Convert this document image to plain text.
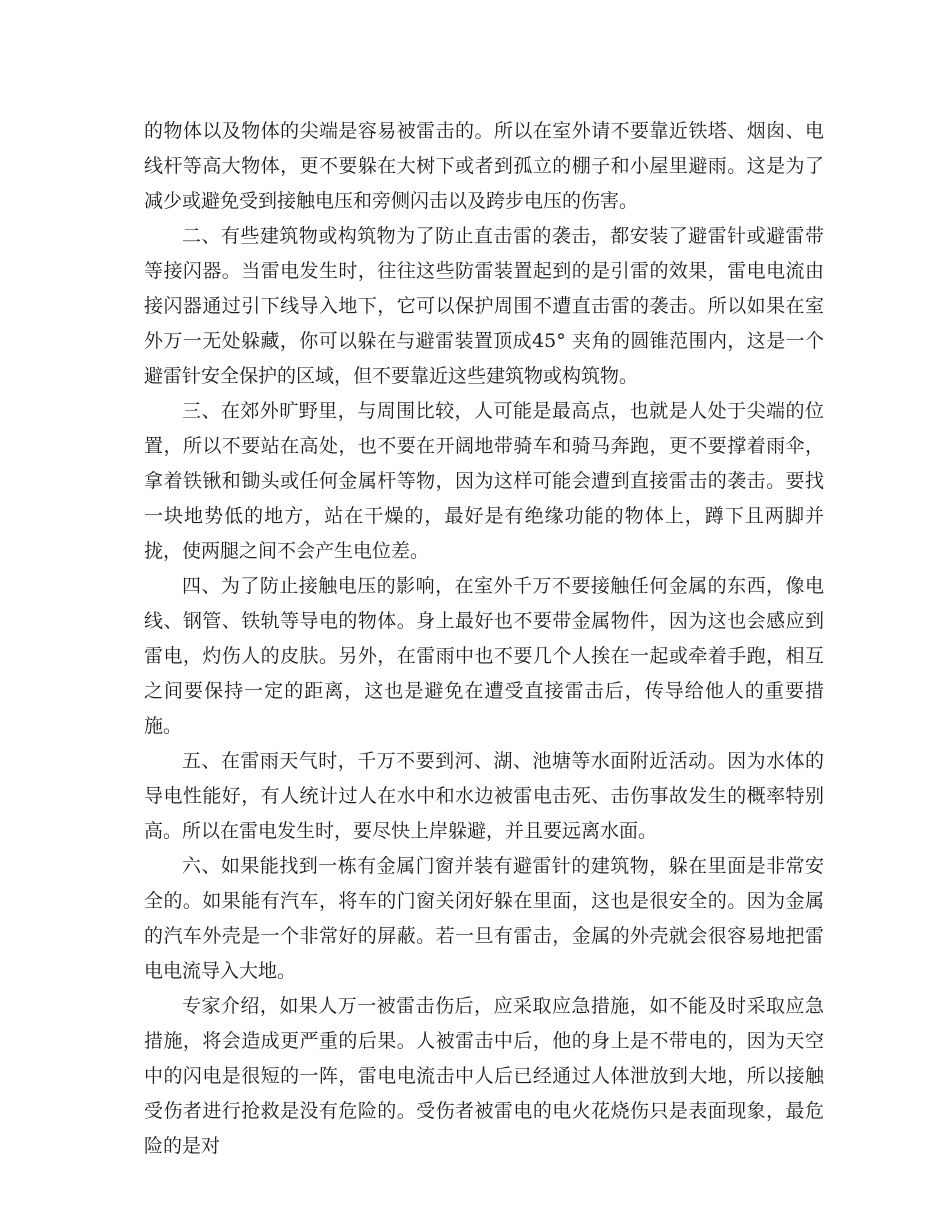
的物体以及物体的尖端是容易被雷击的。所以在室外请不要靠近铁塔、烟囱、电线杆等高大物体，更不要躲在大树下或者到孤立的棚子和小屋里避雨。这是为了减少或避免受到接触电压和旁侧闪击以及跨步电压的伤害。

二、有些建筑物或构筑物为了防止直击雷的袭击，都安装了避雷针或避雷带等接闪器。当雷电发生时，往往这些防雷装置起到的是引雷的效果，雷电电流由接闪器通过引下线导入地下，它可以保护周围不遭直击雷的袭击。所以如果在室外万一无处躲藏，你可以躲在与避雷装置顶成45° 夹角的圆锥范围内，这是一个避雷针安全保护的区域，但不要靠近这些建筑物或构筑物。

三、在郊外旷野里，与周围比较，人可能是最高点，也就是人处于尖端的位置，所以不要站在高处，也不要在开阔地带骑车和骑马奔跑，更不要撑着雨伞，拿着铁锹和锄头或任何金属杆等物，因为这样可能会遭到直接雷击的袭击。要找一块地势低的地方，站在干燥的，最好是有绝缘功能的物体上，蹲下且两脚并拢，使两腿之间不会产生电位差。

四、为了防止接触电压的影响，在室外千万不要接触任何金属的东西，像电线、钢管、铁轨等导电的物体。身上最好也不要带金属物件，因为这也会感应到雷电，灼伤人的皮肤。另外，在雷雨中也不要几个人挨在一起或牵着手跑，相互之间要保持一定的距离，这也是避免在遭受直接雷击后，传导给他人的重要措施。

五、在雷雨天气时，千万不要到河、湖、池塘等水面附近活动。因为水体的导电性能好，有人统计过人在水中和水边被雷电击死、击伤事故发生的概率特别高。所以在雷电发生时，要尽快上岸躲避，并且要远离水面。

六、如果能找到一栋有金属门窗并装有避雷针的建筑物，躲在里面是非常安全的。如果能有汽车，将车的门窗关闭好躲在里面，这也是很安全的。因为金属的汽车外壳是一个非常好的屏蔽。若一旦有雷击，金属的外壳就会很容易地把雷电电流导入大地。

专家介绍，如果人万一被雷击伤后，应采取应急措施，如不能及时采取应急措施，将会造成更严重的后果。人被雷击中后，他的身上是不带电的，因为天空中的闪电是很短的一阵，雷电电流击中人后已经通过人体泄放到大地，所以接触受伤者进行抢救是没有危险的。受伤者被雷电的电火花烧伤只是表面现象，最危险的是对
